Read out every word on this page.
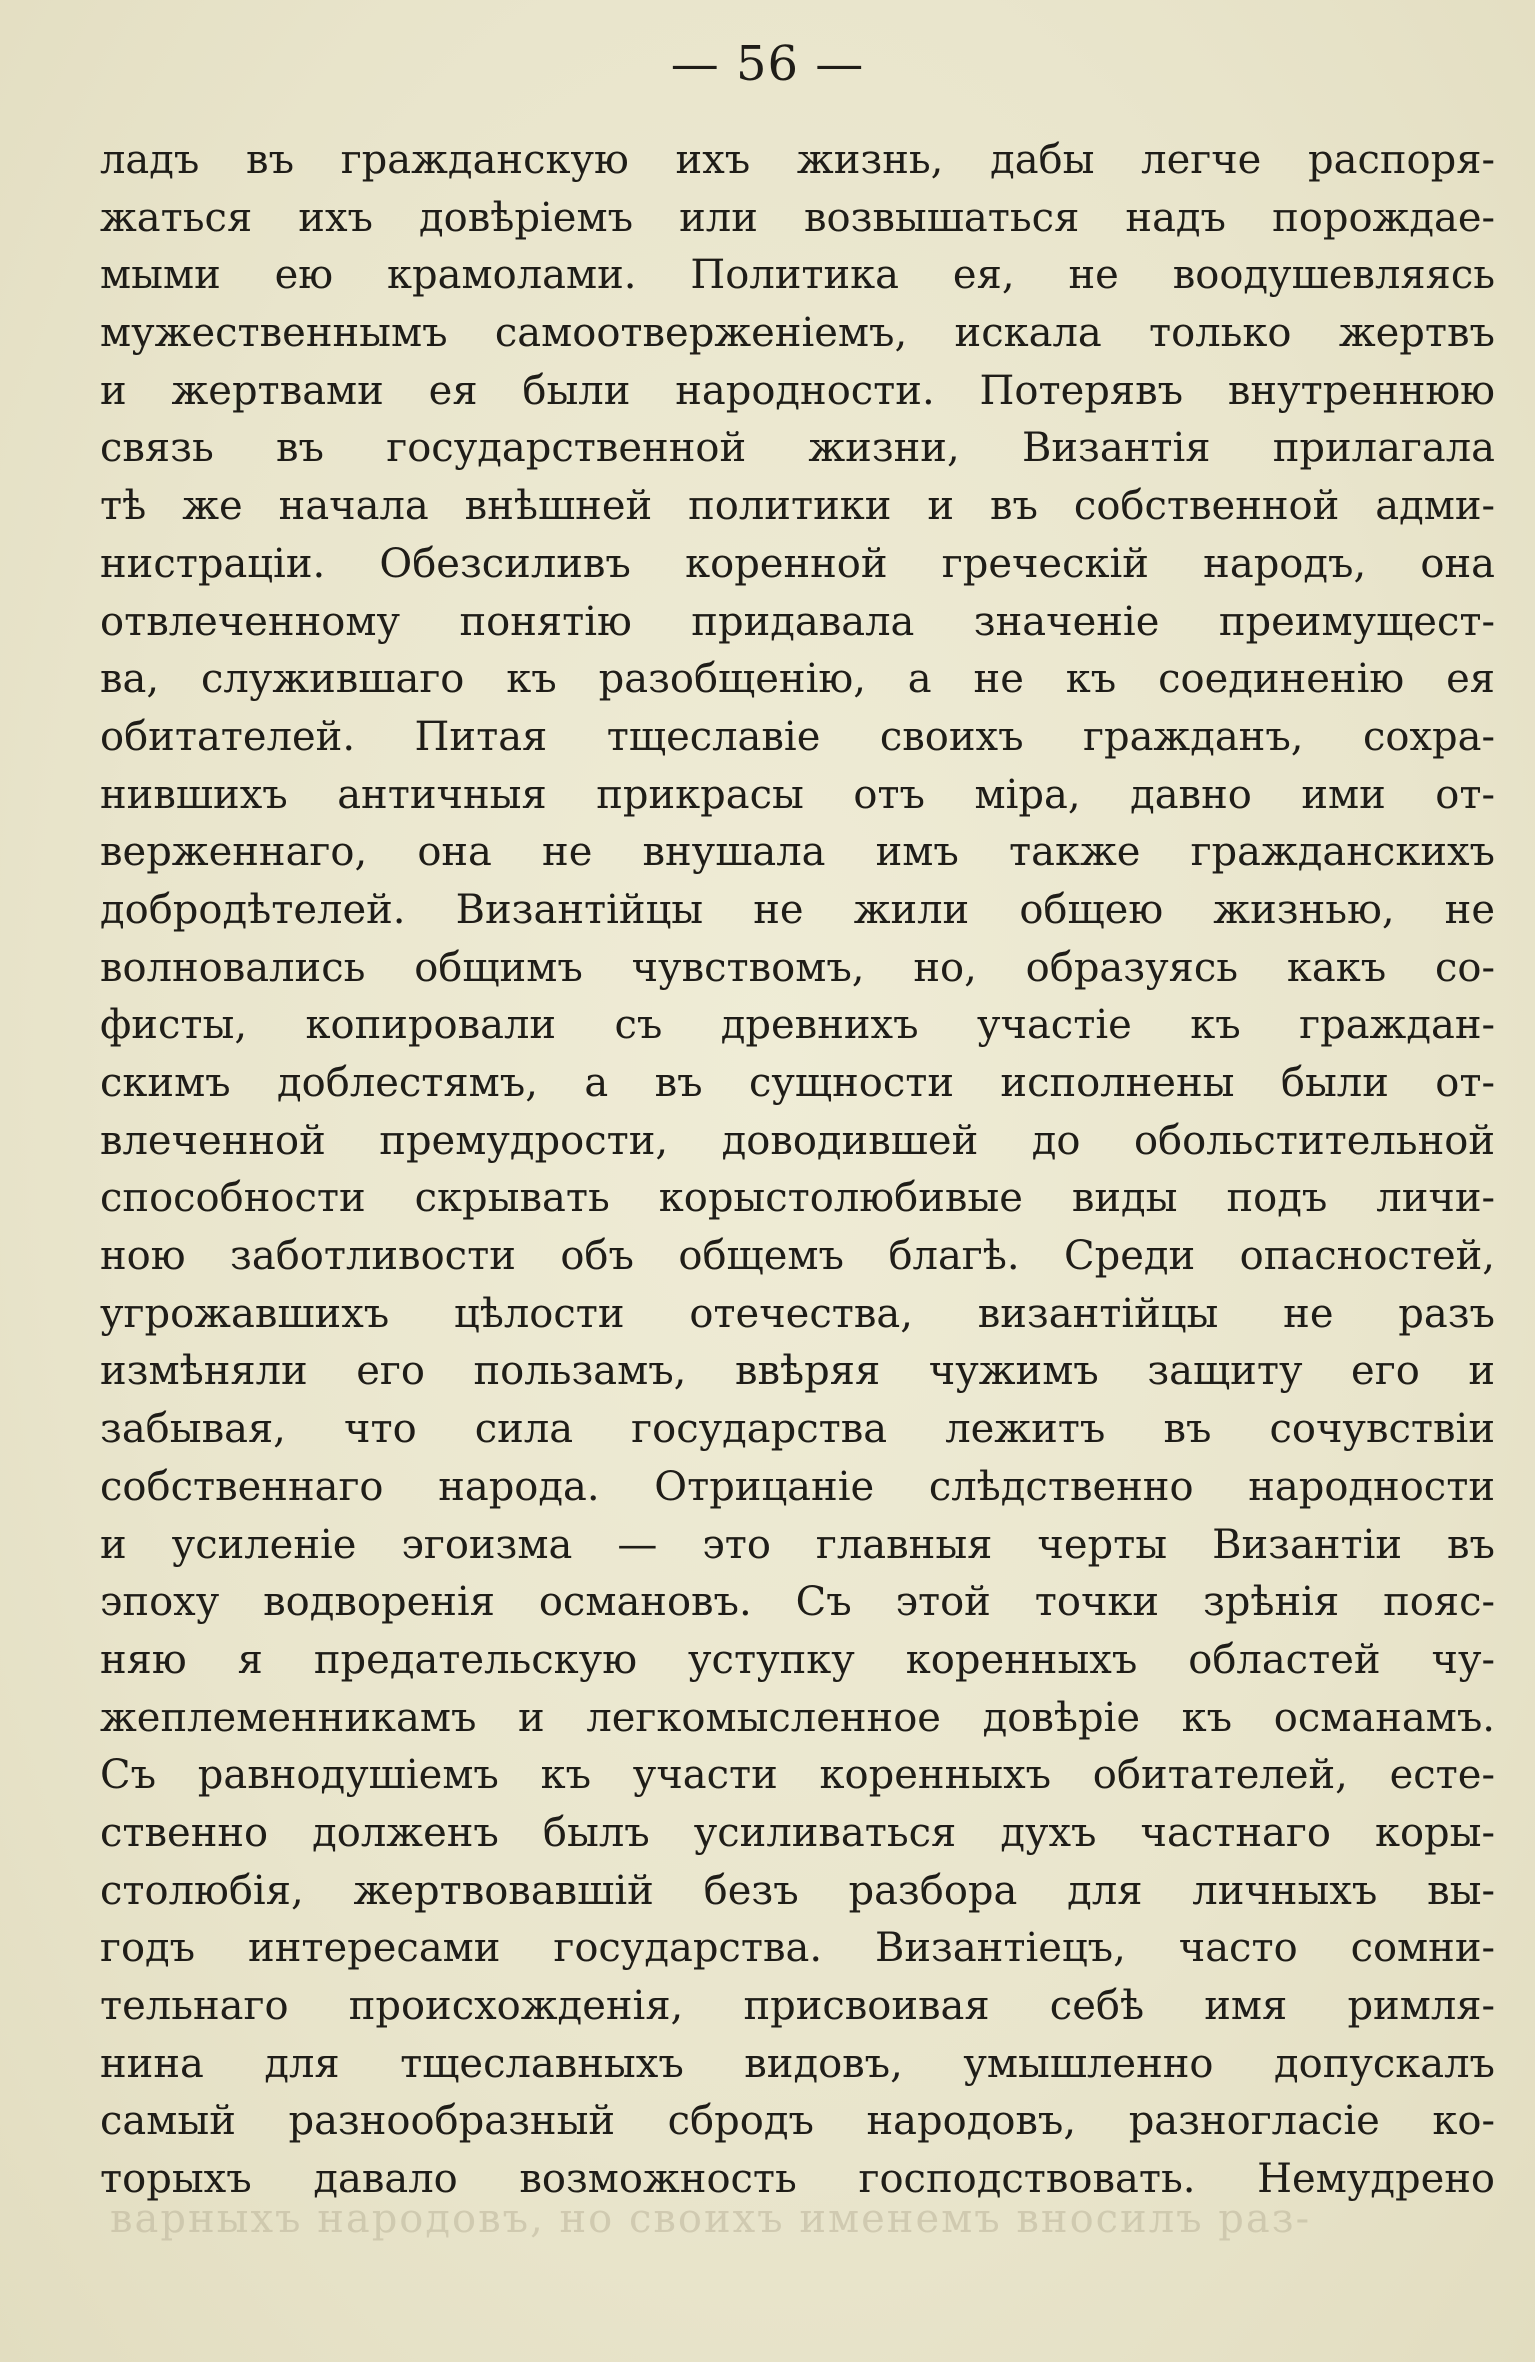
— 56 —
ладъ въ гражданскую ихъ жизнь, дабы легче распоря-
жаться ихъ довѣріемъ или возвышаться надъ порождае-
мыми ею крамолами. Политика ея, не воодушевляясь
мужественнымъ самоотверженіемъ, искала только жертвъ
и жертвами ея были народности. Потерявъ внутреннюю
связь въ государственной жизни, Византія прилагала
тѣ же начала внѣшней политики и въ собственной адми-
нистраціи. Обезсиливъ коренной греческій народъ, она
отвлеченному понятію придавала значеніе преимущест-
ва, служившаго къ разобщенію, а не къ соединенію ея
обитателей. Питая тщеславіе своихъ гражданъ, сохра-
нившихъ античныя прикрасы отъ міра, давно ими от-
верженнаго, она не внушала имъ также гражданскихъ
добродѣтелей. Византійцы не жили общею жизнью, не
волновались общимъ чувствомъ, но, образуясь какъ со-
фисты, копировали съ древнихъ участіе къ граждан-
скимъ доблестямъ, а въ сущности исполнены были от-
влеченной премудрости, доводившей до обольстительной
способности скрывать корыстолюбивые виды подъ личи-
ною заботливости объ общемъ благѣ. Среди опасностей,
угрожавшихъ цѣлости отечества, византійцы не разъ
измѣняли его пользамъ, ввѣряя чужимъ защиту его и
забывая, что сила государства лежитъ въ сочувствіи
собственнаго народа. Отрицаніе слѣдственно народности
и усиленіе эгоизма — это главныя черты Византіи въ
эпоху водворенія османовъ. Съ этой точки зрѣнія пояс-
няю я предательскую уступку коренныхъ областей чу-
жеплеменникамъ и легкомысленное довѣріе къ османамъ.
Съ равнодушіемъ къ участи коренныхъ обитателей, есте-
ственно долженъ былъ усиливаться духъ частнаго коры-
столюбія, жертвовавшій безъ разбора для личныхъ вы-
годъ интересами государства. Византіецъ, часто сомни-
тельнаго происхожденія, присвоивая себѣ имя римля-
нина для тщеславныхъ видовъ, умышленно допускалъ
самый разнообразный сбродъ народовъ, разногласіе ко-
торыхъ давало возможность господствовать. Немудрено
варныхъ народовъ, но своихъ именемъ вносилъ раз-
